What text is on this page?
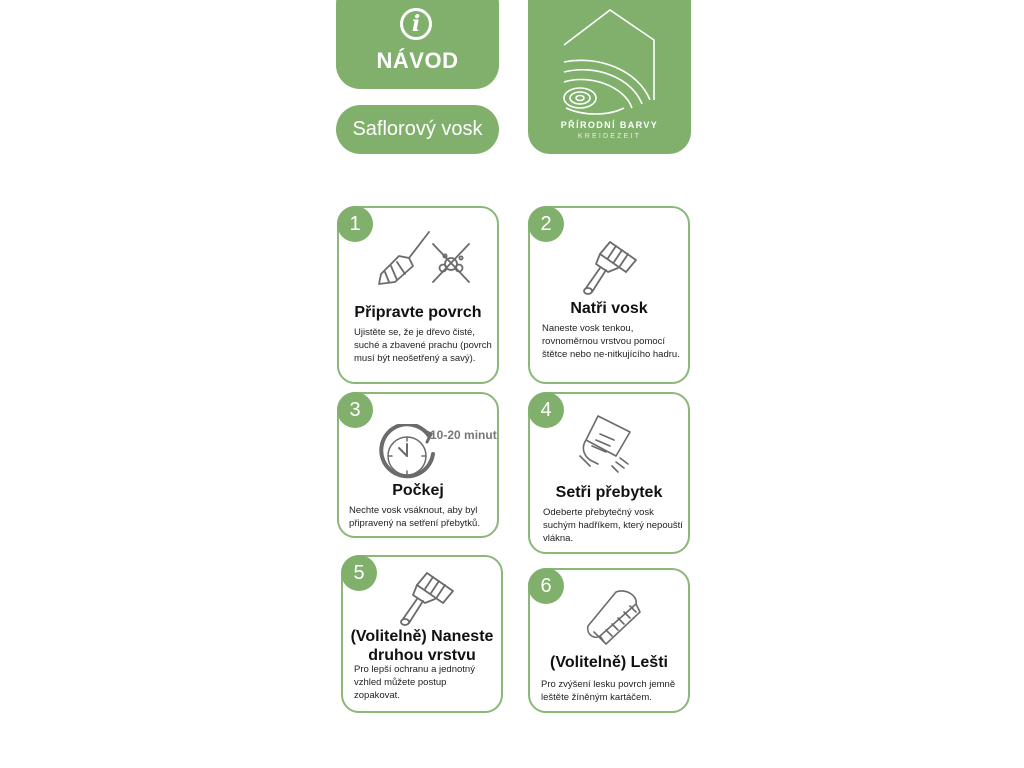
i
NÁVOD
Saflorový vosk	PŘÍRODNÍ BARVY
KREIDEZEIT
1
Připravte povrch
Ujistěte se, že je dřevo čisté, suché a zbavené prachu (povrch musí být neošetřený a savý).
2
Natři vosk
Naneste vosk tenkou, rovnoměrnou vrstvou pomocí štětce nebo ne-nitkujícího hadru.
3
10-20 minut
Počkej
Nechte vosk vsáknout, aby byl připravený na setření přebytků.
4
Setři přebytek
Odeberte přebytečný vosk suchým hadříkem, který nepouští vlákna.
5
(Volitelně) Naneste druhou vrstvu
Pro lepší ochranu a jednotný vzhled můžete postup zopakovat.
6
(Volitelně) Lešti
Pro zvýšení lesku povrch jemně leštěte žíněným kartáčem.
